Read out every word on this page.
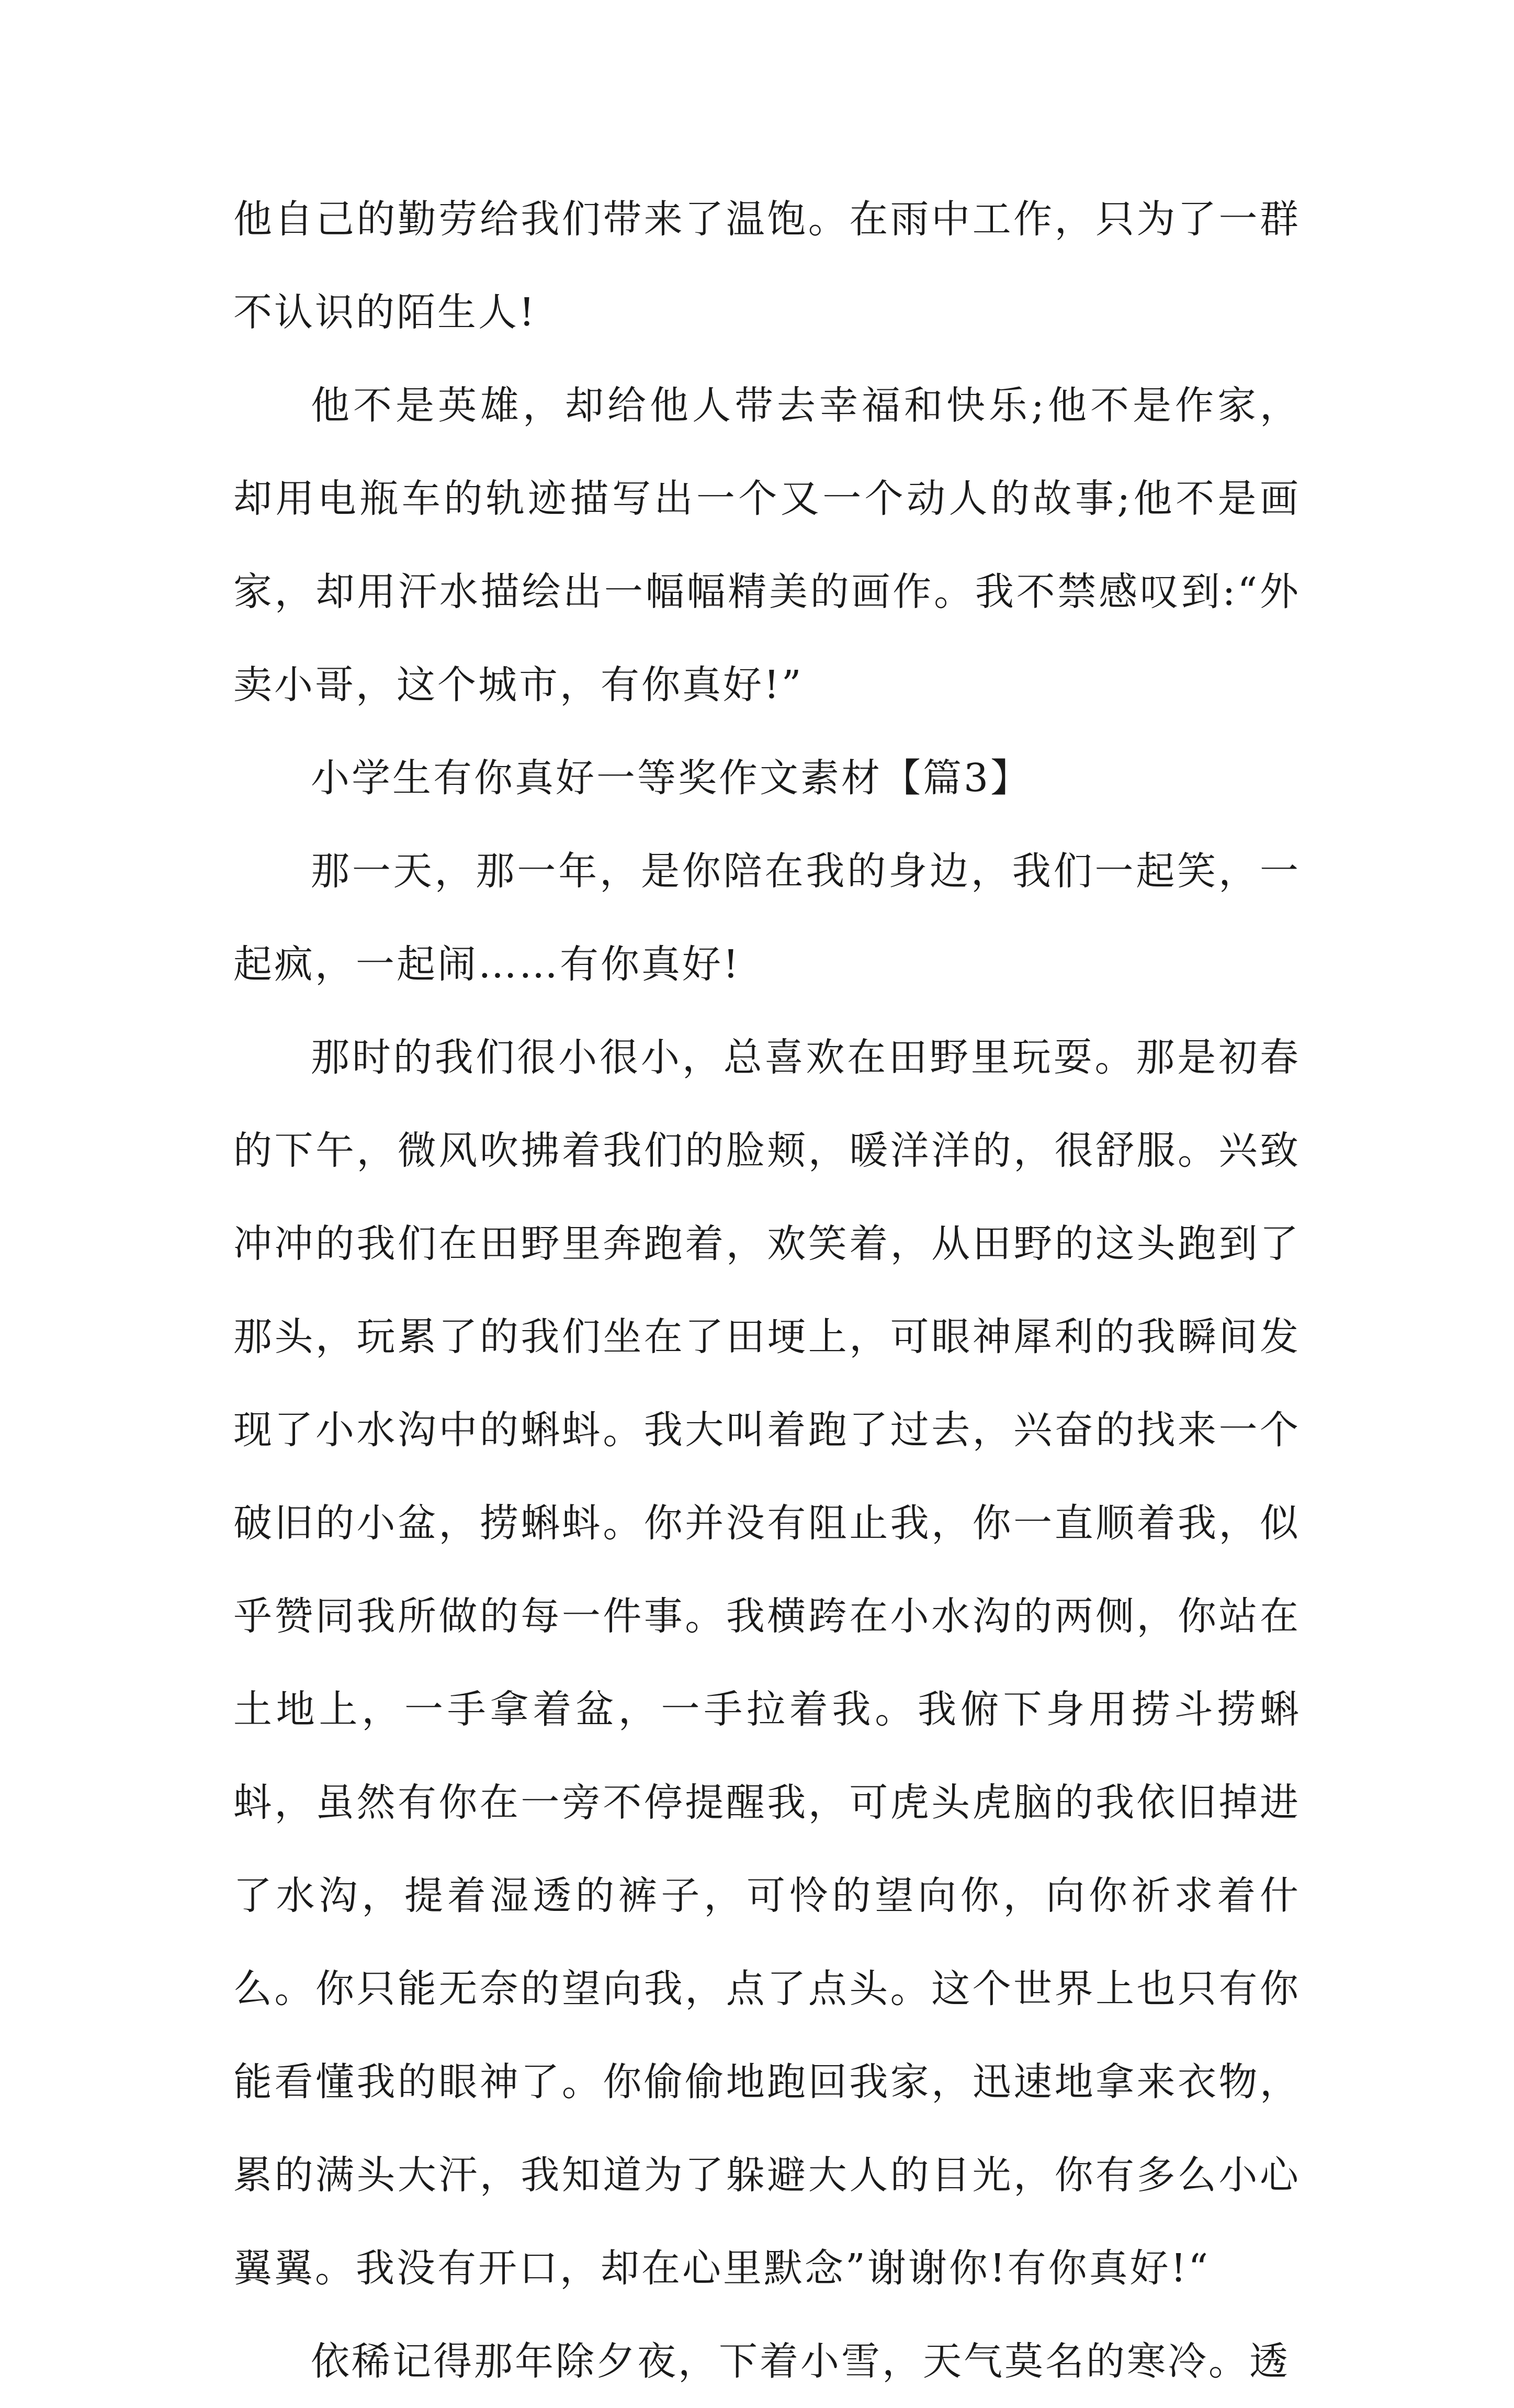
他自己的勤劳给我们带来了温饱。在雨中工作，只为了一群不认识的陌生人!

他不是英雄，却给他人带去幸福和快乐;他不是作家，却用电瓶车的轨迹描写出一个又一个动人的故事;他不是画家，却用汗水描绘出一幅幅精美的画作。我不禁感叹到:“外卖小哥，这个城市，有你真好!”

小学生有你真好一等奖作文素材【篇3】

那一天，那一年，是你陪在我的身边，我们一起笑，一起疯，一起闹……有你真好!

那时的我们很小很小，总喜欢在田野里玩耍。那是初春的下午，微风吹拂着我们的脸颊，暖洋洋的，很舒服。兴致冲冲的我们在田野里奔跑着，欢笑着，从田野的这头跑到了那头，玩累了的我们坐在了田埂上，可眼神犀利的我瞬间发现了小水沟中的蝌蚪。我大叫着跑了过去，兴奋的找来一个破旧的小盆，捞蝌蚪。你并没有阻止我，你一直顺着我，似乎赞同我所做的每一件事。我横跨在小水沟的两侧，你站在土地上，一手拿着盆，一手拉着我。我俯下身用捞斗捞蝌蚪，虽然有你在一旁不停提醒我，可虎头虎脑的我依旧掉进了水沟，提着湿透的裤子，可怜的望向你，向你祈求着什么。你只能无奈的望向我，点了点头。这个世界上也只有你能看懂我的眼神了。你偷偷地跑回我家，迅速地拿来衣物，累的满头大汗，我知道为了躲避大人的目光，你有多么小心翼翼。我没有开口，却在心里默念”谢谢你!有你真好!“

依稀记得那年除夕夜，下着小雪，天气莫名的寒冷。透
